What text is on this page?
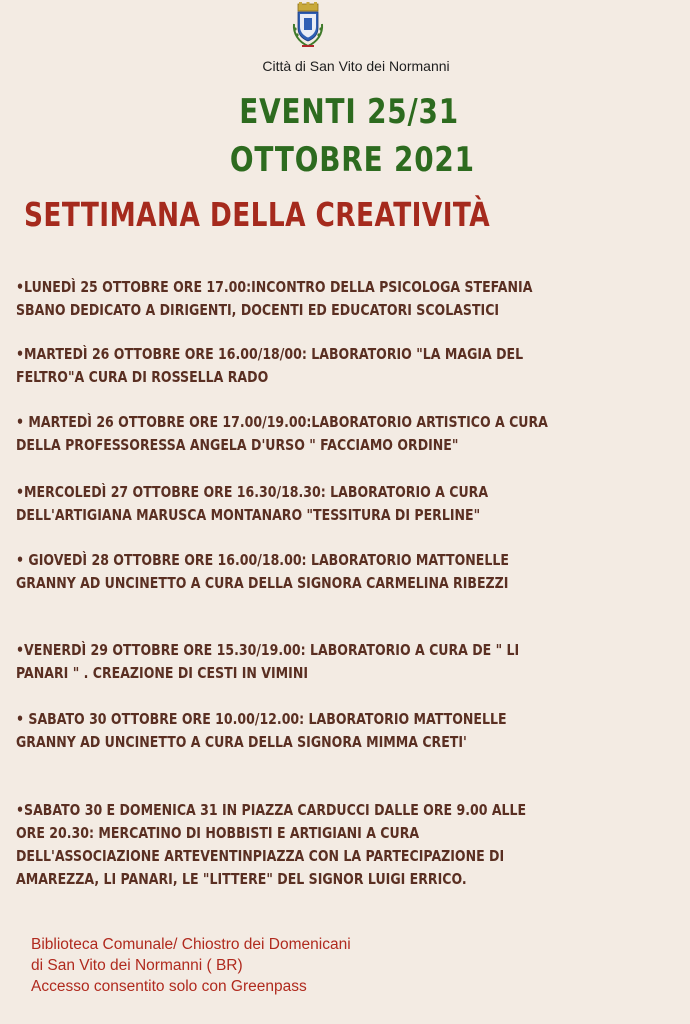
Città di San Vito dei Normanni

EVENTI 25/31
OTTOBRE 2021
SETTIMANA DELLA CREATIVITÀ
•LUNEDÌ 25 OTTOBRE ORE 17.00:INCONTRO DELLA PSICOLOGA STEFANIA
SBANO DEDICATO A DIRIGENTI, DOCENTI ED EDUCATORI SCOLASTICI
•MARTEDÌ 26 OTTOBRE ORE 16.00/18/00: LABORATORIO "LA MAGIA DEL
FELTRO"A CURA DI ROSSELLA RADO
• MARTEDÌ 26 OTTOBRE ORE 17.00/19.00:LABORATORIO ARTISTICO A CURA
DELLA PROFESSORESSA ANGELA D'URSO " FACCIAMO ORDINE"
•MERCOLEDÌ 27 OTTOBRE ORE 16.30/18.30: LABORATORIO A CURA
DELL'ARTIGIANA MARUSCA MONTANARO "TESSITURA DI PERLINE"
• GIOVEDÌ 28 OTTOBRE ORE 16.00/18.00: LABORATORIO MATTONELLE
GRANNY AD UNCINETTO A CURA DELLA SIGNORA CARMELINA RIBEZZI
•VENERDÌ 29 OTTOBRE ORE 15.30/19.00: LABORATORIO A CURA DE " LI
PANARI " . CREAZIONE DI CESTI IN VIMINI
• SABATO 30 OTTOBRE ORE 10.00/12.00: LABORATORIO MATTONELLE
GRANNY AD UNCINETTO A CURA DELLA SIGNORA MIMMA CRETI'
•SABATO 30 E DOMENICA 31 IN PIAZZA CARDUCCI DALLE ORE 9.00 ALLE
ORE 20.30: MERCATINO DI HOBBISTI E ARTIGIANI A CURA
DELL'ASSOCIAZIONE ARTEVENTINPIAZZA CON LA PARTECIPAZIONE DI
AMAREZZA, LI PANARI, LE "LITTERE" DEL SIGNOR LUIGI ERRICO.
Biblioteca Comunale/ Chiostro dei Domenicani
di San Vito dei Normanni ( BR)
Accesso consentito solo con Greenpass
